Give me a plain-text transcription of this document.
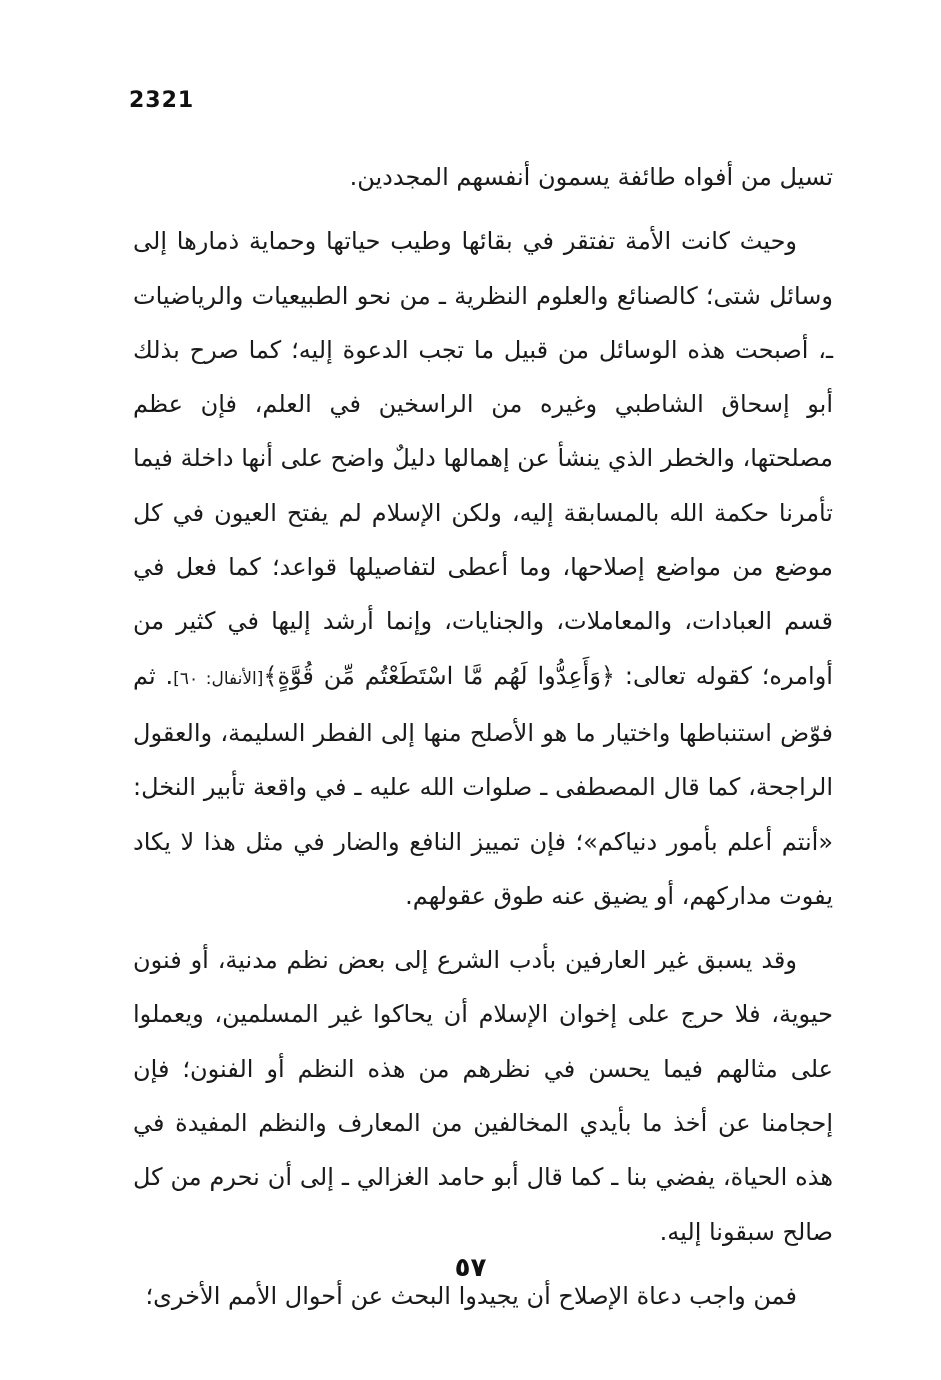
2321

تسيل من أفواه طائفة يسمون أنفسهم المجددين.

وحيث كانت الأمة تفتقر في بقائها وطيب حياتها وحماية ذمارها إلى وسائل شتى؛ كالصنائع والعلوم النظرية ـ من نحو الطبيعيات والرياضيات ـ، أصبحت هذه الوسائل من قبيل ما تجب الدعوة إليه؛ كما صرح بذلك أبو إسحاق الشاطبي وغيره من الراسخين في العلم، فإن عظم مصلحتها، والخطر الذي ينشأ عن إهمالها دليلٌ واضح على أنها داخلة فيما تأمرنا حكمة الله بالمسابقة إليه، ولكن الإسلام لم يفتح العيون في كل موضع من مواضع إصلاحها، وما أعطى لتفاصيلها قواعد؛ كما فعل في قسم العبادات، والمعاملات، والجنايات، وإنما أرشد إليها في كثير من أوامره؛ كقوله تعالى: ﴿وَأَعِدُّوا لَهُم مَّا اسْتَطَعْتُم مِّن قُوَّةٍ﴾[الأنفال: ٦٠]. ثم فوّض استنباطها واختيار ما هو الأصلح منها إلى الفطر السليمة، والعقول الراجحة، كما قال المصطفى ـ صلوات الله عليه ـ في واقعة تأبير النخل: «أنتم أعلم بأمور دنياكم»؛ فإن تمييز النافع والضار في مثل هذا لا يكاد يفوت مداركهم، أو يضيق عنه طوق عقولهم.

وقد يسبق غير العارفين بأدب الشرع إلى بعض نظم مدنية، أو فنون حيوية، فلا حرج على إخوان الإسلام أن يحاكوا غير المسلمين، ويعملوا على مثالهم فيما يحسن في نظرهم من هذه النظم أو الفنون؛ فإن إحجامنا عن أخذ ما بأيدي المخالفين من المعارف والنظم المفيدة في هذه الحياة، يفضي بنا ـ كما قال أبو حامد الغزالي ـ إلى أن نحرم من كل صالح سبقونا إليه.

فمن واجب دعاة الإصلاح أن يجيدوا البحث عن أحوال الأمم الأخرى؛

٥٧
